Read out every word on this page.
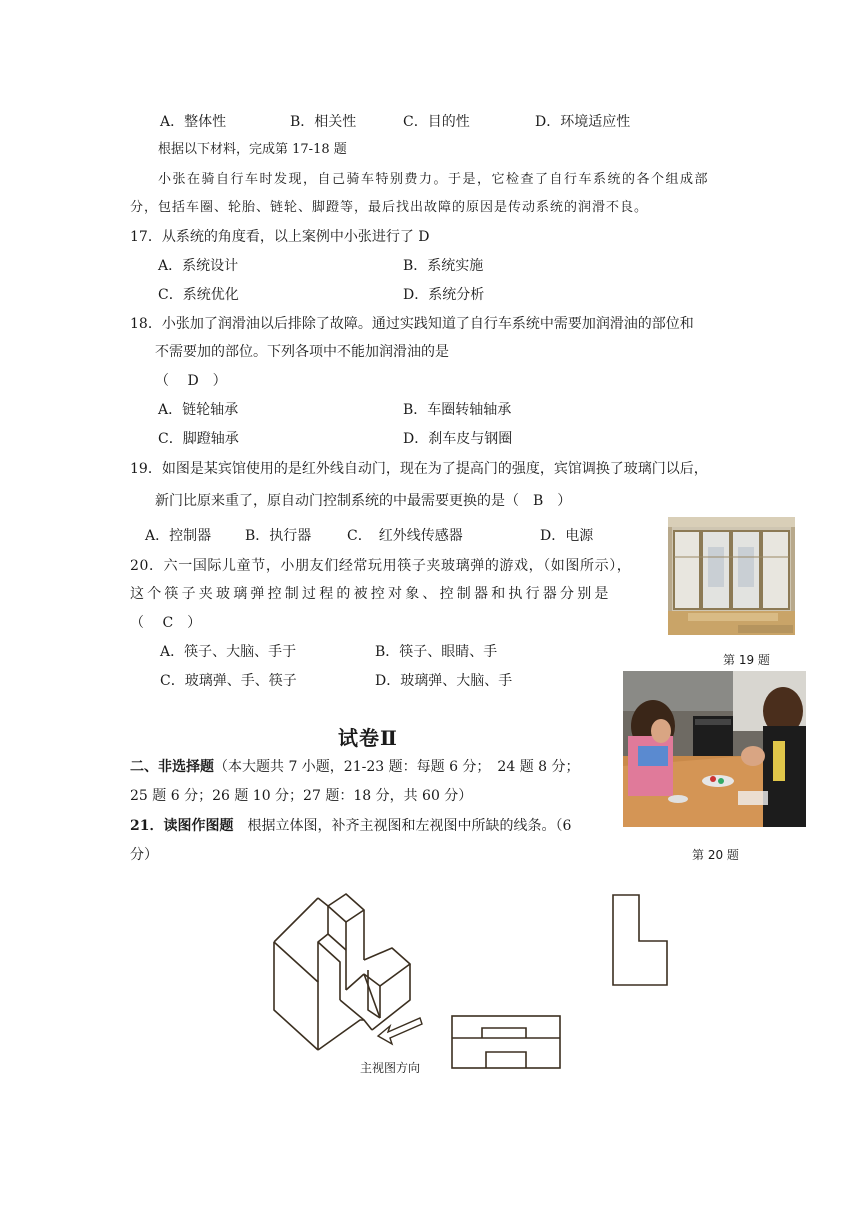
A．整体性	B．相关性	C．目的性	D．环境适应性
根据以下材料，完成第 17-18 题
小张在骑自行车时发现，自己骑车特别费力。于是，它检查了自行车系统的各个组成部
分，包括车圈、轮胎、链轮、脚蹬等，最后找出故障的原因是传动系统的润滑不良。
17．从系统的角度看，以上案例中小张进行了 D
A．系统设计	B．系统实施
C．系统优化	D．系统分析
18．小张加了润滑油以后排除了故障。通过实践知道了自行车系统中需要加润滑油的部位和
不需要加的部位。下列各项中不能加润滑油的是
（　 D　）
A．链轮轴承	B．车圈转轴轴承
C．脚蹬轴承	D．刹车皮与钢圈
19．如图是某宾馆使用的是红外线自动门，现在为了提高门的强度，宾馆调换了玻璃门以后，
新门比原来重了，原自动门控制系统的中最需要更换的是（　B　）
A．控制器 B．执行器	C．　红外线传感器	D．电源
第 19 题
20．六一国际儿童节，小朋友们经常玩用筷子夹玻璃弹的游戏，（如图所示），
这个筷子夹玻璃弹控制过程的被控对象、控制器和执行器分别是
（　 C　）
A．筷子、大脑、手于	B．筷子、眼睛、手
C．玻璃弹、手、筷子	D．玻璃弹、大脑、手
第 20 题
试卷Ⅱ
二、非选择题（本大题共 7 小题，21-23 题：每题 6 分；　24 题 8 分；
25 题 6 分；26 题 10 分；27 题：18 分，共 60 分）
21．读图作图题　根据立体图，补齐主视图和左视图中所缺的线条。（6
分）
主视图方向
